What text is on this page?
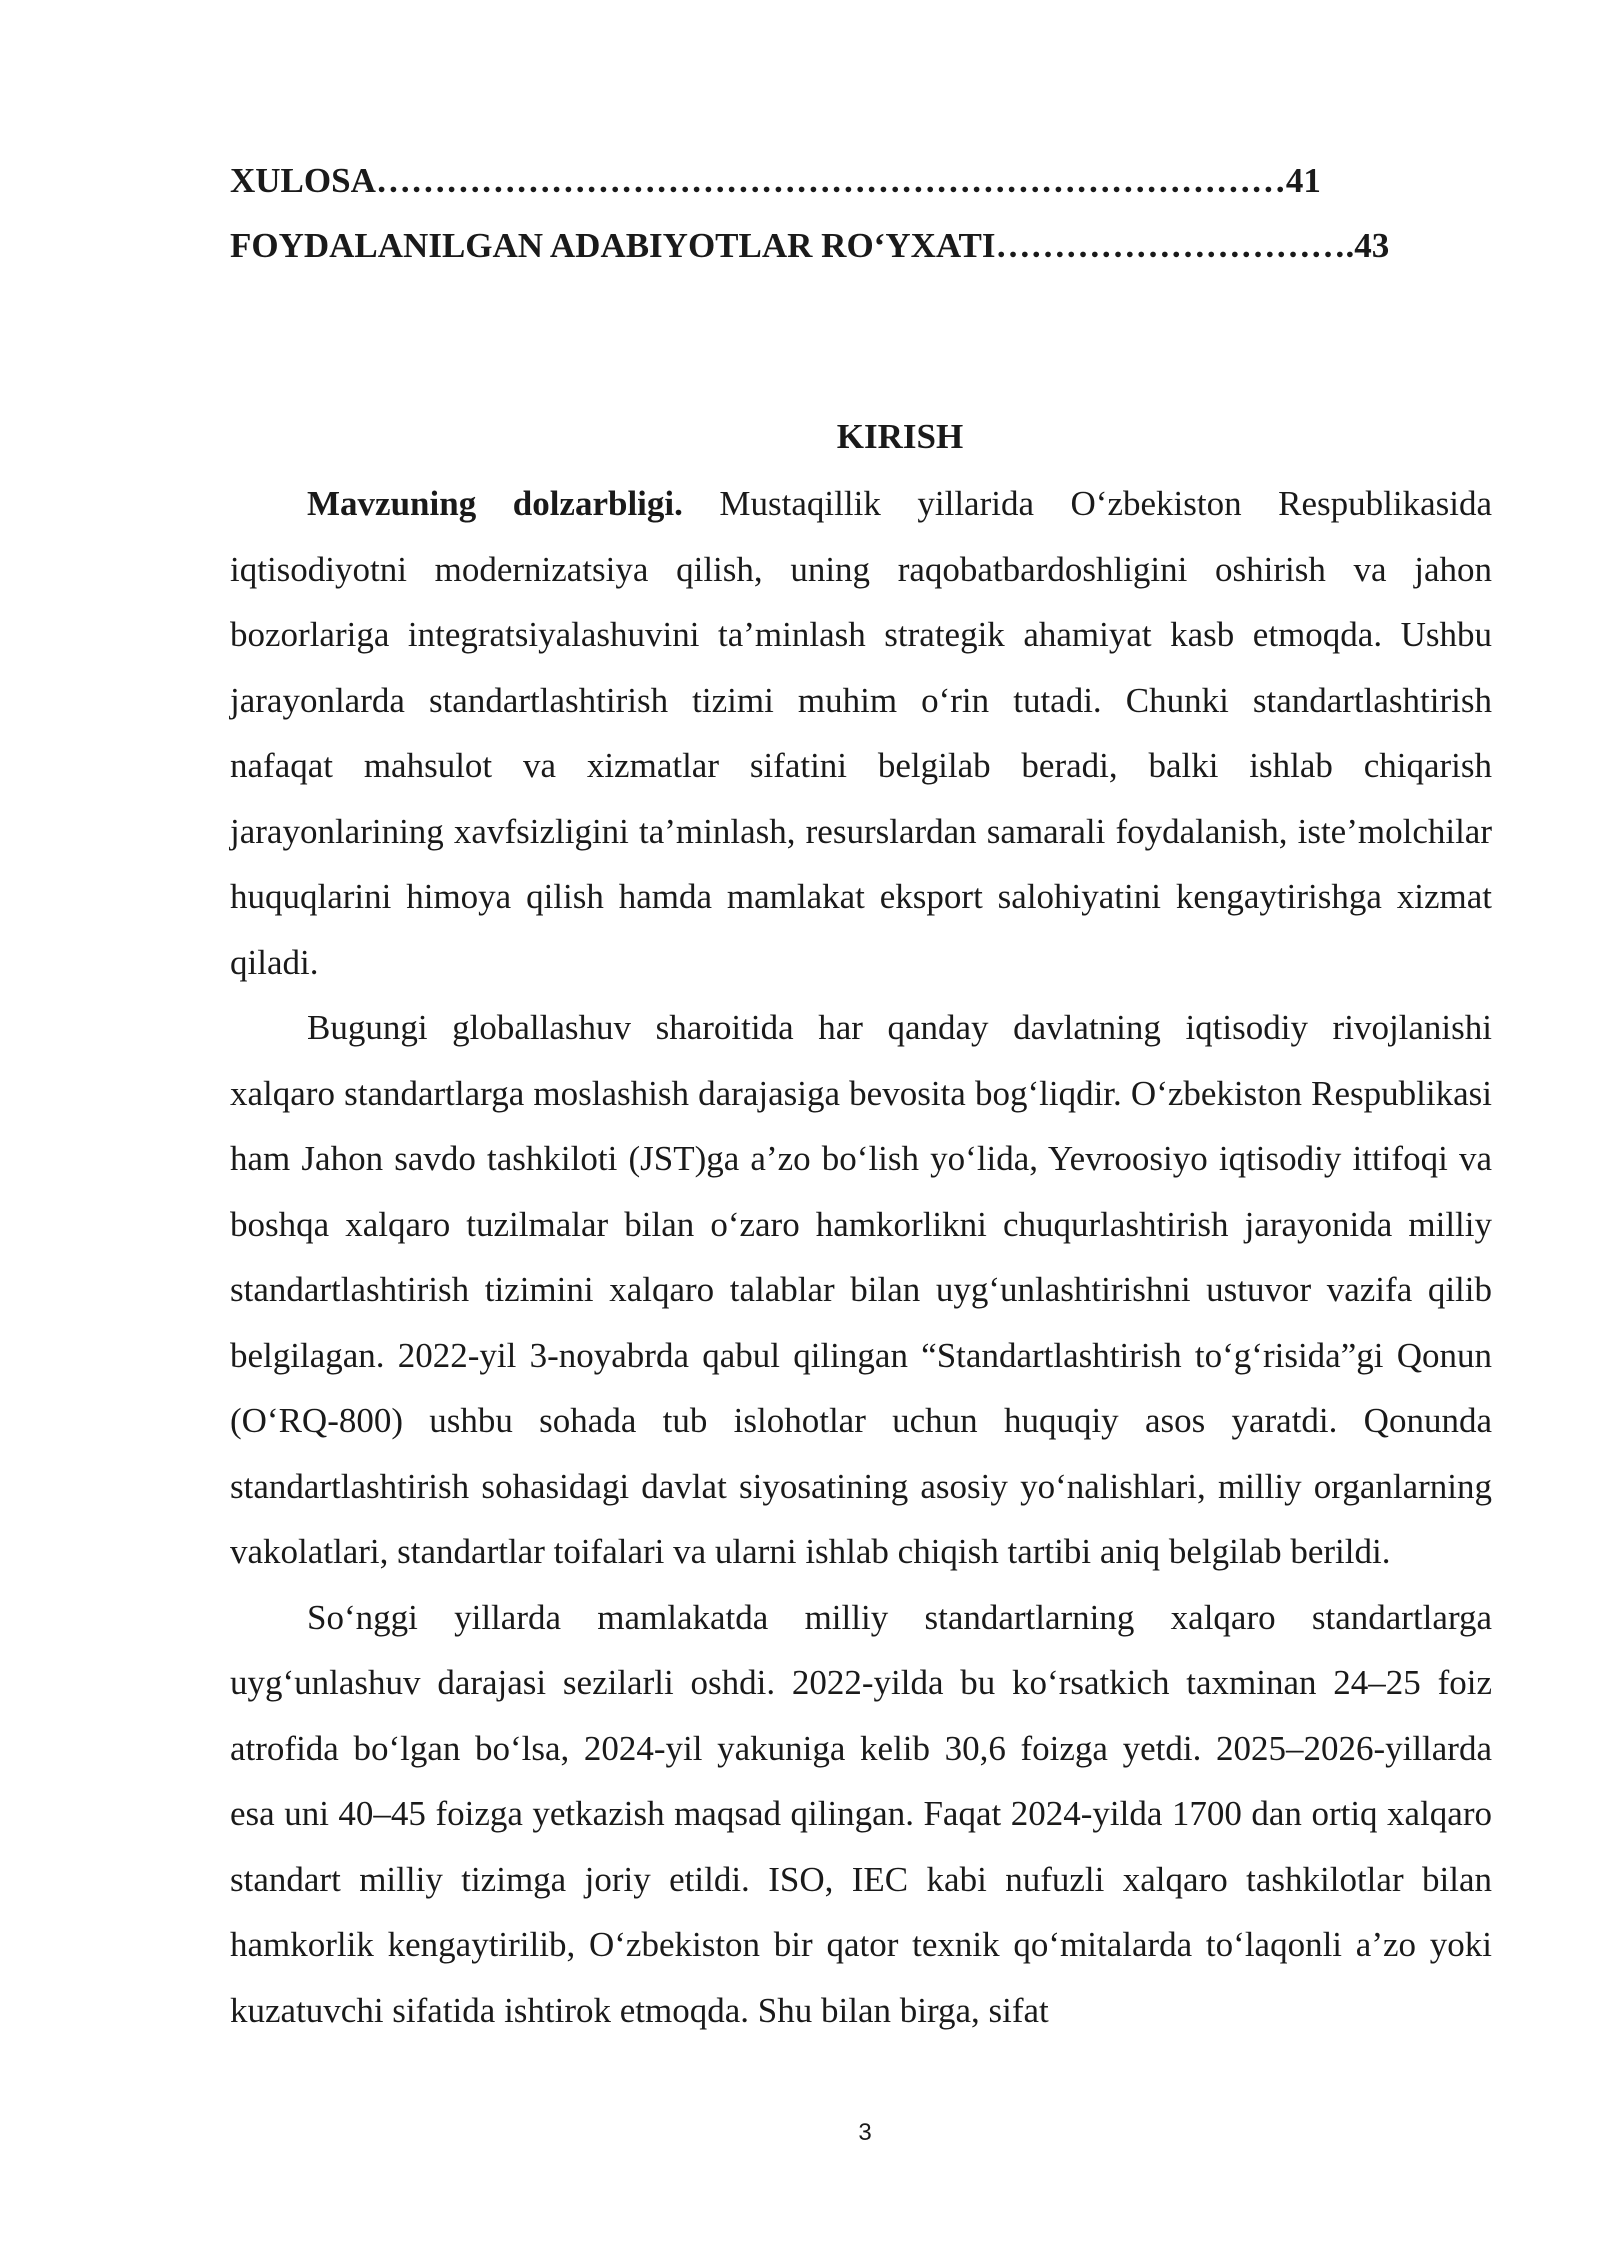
XULOSA……………………………………………………………………41
FOYDALANILGAN ADABIYOTLAR RO‘YXATI………………………….43
KIRISH

Mavzuning dolzarbligi. Mustaqillik yillarida O‘zbekiston Respublikasida iqtisodiyotni modernizatsiya qilish, uning raqobatbardoshligini oshirish va jahon bozorlariga integratsiyalashuvini ta’minlash strategik ahamiyat kasb etmoqda. Ushbu jarayonlarda standartlashtirish tizimi muhim o‘rin tutadi. Chunki standartlashtirish nafaqat mahsulot va xizmatlar sifatini belgilab beradi, balki ishlab chiqarish jarayonlarining xavfsizligini ta’minlash, resurslardan samarali foydalanish, iste’molchilar huquqlarini himoya qilish hamda mamlakat eksport salohiyatini kengaytirishga xizmat qiladi.

Bugungi globallashuv sharoitida har qanday davlatning iqtisodiy rivojlanishi xalqaro standartlarga moslashish darajasiga bevosita bog‘liqdir. O‘zbekiston Respublikasi ham Jahon savdo tashkiloti (JST)ga a’zo bo‘lish yo‘lida, Yevroosiyo iqtisodiy ittifoqi va boshqa xalqaro tuzilmalar bilan o‘zaro hamkorlikni chuqurlashtirish jarayonida milliy standartlashtirish tizimini xalqaro talablar bilan uyg‘unlashtirishni ustuvor vazifa qilib belgilagan. 2022-yil 3-noyabrda qabul qilingan “Standartlashtirish to‘g‘risida”gi Qonun (O‘RQ-800) ushbu sohada tub islohotlar uchun huquqiy asos yaratdi. Qonunda standartlashtirish sohasidagi davlat siyosatining asosiy yo‘nalishlari, milliy organlarning vakolatlari, standartlar toifalari va ularni ishlab chiqish tartibi aniq belgilab berildi.

So‘nggi yillarda mamlakatda milliy standartlarning xalqaro standartlarga uyg‘unlashuv darajasi sezilarli oshdi. 2022-yilda bu ko‘rsatkich taxminan 24–25 foiz atrofida bo‘lgan bo‘lsa, 2024-yil yakuniga kelib 30,6 foizga yetdi. 2025–2026-yillarda esa uni 40–45 foizga yetkazish maqsad qilingan. Faqat 2024-yilda 1700 dan ortiq xalqaro standart milliy tizimga joriy etildi. ISO, IEC kabi nufuzli xalqaro tashkilotlar bilan hamkorlik kengaytirilib, O‘zbekiston bir qator texnik qo‘mitalarda to‘laqonli a’zo yoki kuzatuvchi sifatida ishtirok etmoqda. Shu bilan birga, sifat

3
